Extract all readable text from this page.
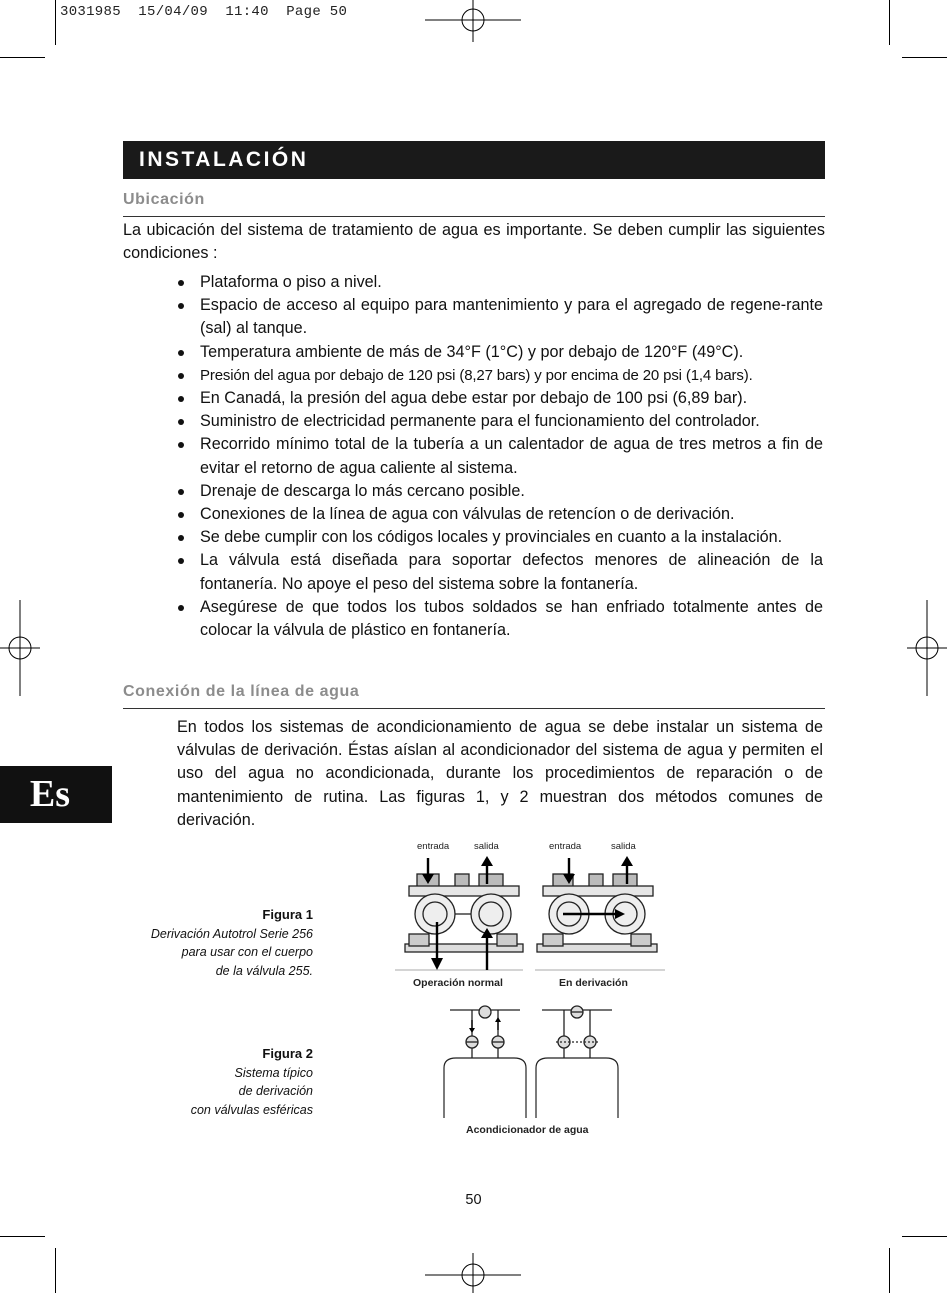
3031985  15/04/09  11:40  Page 50
INSTALACIÓN
Ubicación
La ubicación del sistema de tratamiento de agua es importante. Se deben cumplir las siguientes condiciones :
Plataforma o piso a nivel.
Espacio de acceso al equipo para mantenimiento y para el agregado de regene-rante (sal) al tanque.
Temperatura ambiente de más de 34°F (1°C) y por debajo de 120°F (49°C).
Presión del agua por debajo de 120 psi (8,27 bars) y por encima de 20 psi (1,4 bars).
En Canadá, la presión del agua debe estar por debajo de 100 psi (6,89 bar).
Suministro de electricidad permanente para el funcionamiento del controlador.
Recorrido mínimo total de la tubería a un calentador de agua de tres metros a fin de evitar el retorno de agua caliente al sistema.
Drenaje de descarga lo más cercano posible.
Conexiones de la línea de agua con válvulas de retencíon o de derivación.
Se debe cumplir con los códigos locales y provinciales en cuanto a la instalación.
La válvula está diseñada para soportar defectos menores de alineación de la fontanería. No apoye el peso del sistema sobre la fontanería.
Asegúrese de que todos los tubos soldados se han enfriado totalmente antes de colocar la válvula de plástico en fontanería.
Conexión de la línea de agua
En todos los sistemas de acondicionamiento de agua se debe instalar un sistema de válvulas de derivación. Éstas aíslan al acondicionador del sistema de agua y permiten el uso del agua no acondicionada, durante los procedimientos de reparación o de mantenimiento de rutina. Las figuras 1, y 2 muestran dos métodos comunes de derivación.
Es
Figura 1
Derivación Autotrol Serie 256
para usar con el cuerpo
de la válvula 255.
Figura 2
Sistema típico
de derivación
con válvulas esféricas
entrada	salida	entrada	salida
Operación normal	En derivación
Acondicionador de agua
50
